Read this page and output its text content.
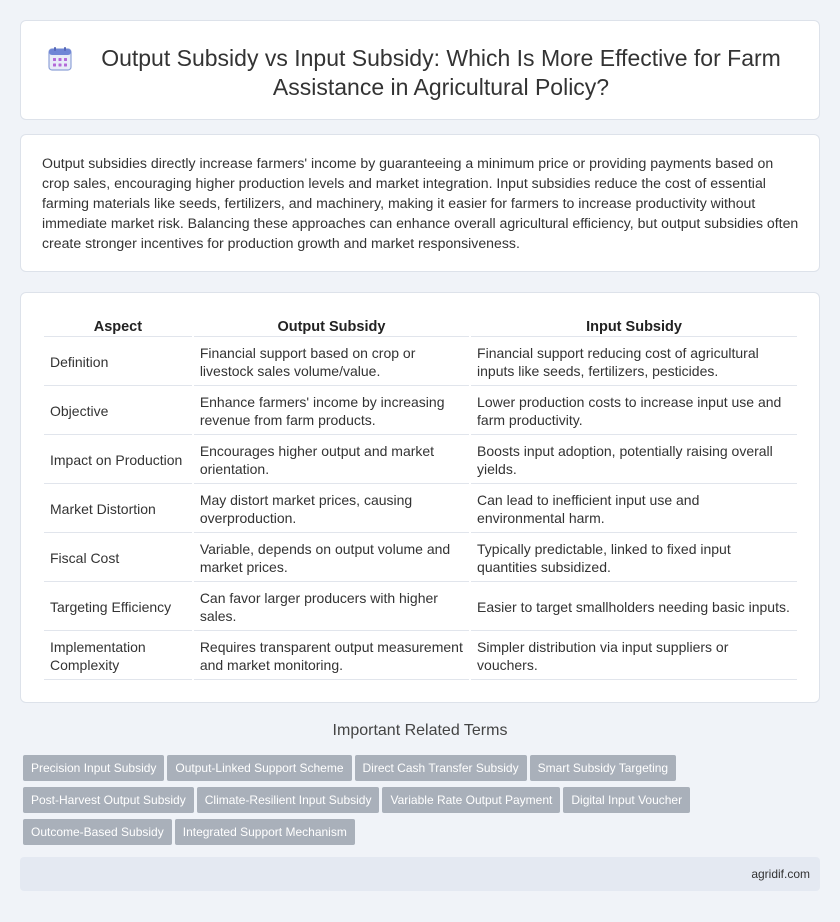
Output Subsidy vs Input Subsidy: Which Is More Effective for Farm Assistance in Agricultural Policy?

Output subsidies directly increase farmers' income by guaranteeing a minimum price or providing payments based on crop sales, encouraging higher production levels and market integration. Input subsidies reduce the cost of essential farming materials like seeds, fertilizers, and machinery, making it easier for farmers to increase productivity without immediate market risk. Balancing these approaches can enhance overall agricultural efficiency, but output subsidies often create stronger incentives for production growth and market responsiveness.

Aspect	Output Subsidy	Input Subsidy
Definition	Financial support based on crop or livestock sales volume/value.	Financial support reducing cost of agricultural inputs like seeds, fertilizers, pesticides.
Objective	Enhance farmers' income by increasing revenue from farm products.	Lower production costs to increase input use and farm productivity.
Impact on Production	Encourages higher output and market orientation.	Boosts input adoption, potentially raising overall yields.
Market Distortion	May distort market prices, causing overproduction.	Can lead to inefficient input use and environmental harm.
Fiscal Cost	Variable, depends on output volume and market prices.	Typically predictable, linked to fixed input quantities subsidized.
Targeting Efficiency	Can favor larger producers with higher sales.	Easier to target smallholders needing basic inputs.
Implementation Complexity	Requires transparent output measurement and market monitoring.	Simpler distribution via input suppliers or vouchers.
Important Related Terms
Precision Input Subsidy	Output-Linked Support Scheme	Direct Cash Transfer Subsidy	Smart Subsidy Targeting
Post-Harvest Output Subsidy	Climate-Resilient Input Subsidy	Variable Rate Output Payment	Digital Input Voucher
Outcome-Based Subsidy	Integrated Support Mechanism
agridif.com
